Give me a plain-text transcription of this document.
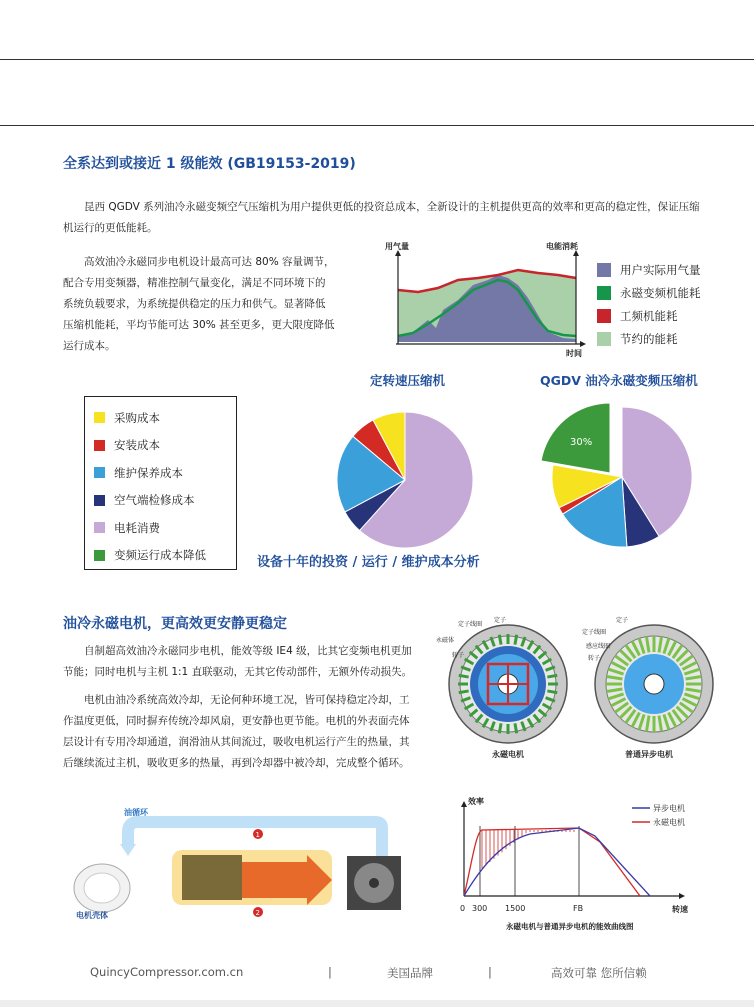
全系达到或接近 1 级能效 (GB19153-2019)

昆西 QGDV 系列油冷永磁变频空气压缩机为用户提供更低的投资总成本，全新设计的主机提供更高的效率和更高的稳定性，保证压缩机运行的更低能耗。

高效油冷永磁同步电机设计最高可达 80% 容量调节，配合专用变频器，精准控制气量变化，满足不同环境下的系统负载要求，为系统提供稳定的压力和供气。显著降低压缩机能耗，平均节能可达 30% 甚至更多，更大限度降低运行成本。

用气量	电能消耗
时间
用户实际用气量
永磁变频机能耗
工频机能耗
节约的能耗
定转速压缩机	QGDV 油冷永磁变频压缩机
采购成本
安装成本
维护保养成本
空气端检修成本
电耗消费
变频运行成本降低
30%
设备十年的投资 / 运行 / 维护成本分析
油冷永磁电机，更高效更安静更稳定

自制超高效油冷永磁同步电机，能效等级 IE4 级，比其它变频电机更加节能；同时电机与主机 1:1 直联驱动，无其它传动部件，无额外传动损失。

电机由油冷系统高效冷却，无论何种环境工况，皆可保持稳定冷却，工作温度更低，同时摒弃传统冷却风扇，更安静也更节能。电机的外表面壳体层设计有专用冷却通道，润滑油从其间流过，吸收电机运行产生的热量，其后继续流过主机，吸收更多的热量，再到冷却器中被冷却，完成整个循环。

定子线圈
定子
永磁体
转子
定子
定子线圈
感应线圈
转子
永磁电机	普通异步电机
异步电机
永磁电机
效率
转速
0 300 1500	FB
永磁电机与普通异步电机的能效曲线图
1
2
油循环
电机壳体
QuincyCompressor.com.cn	|	美国品牌	|	高效可靠 您所信赖
